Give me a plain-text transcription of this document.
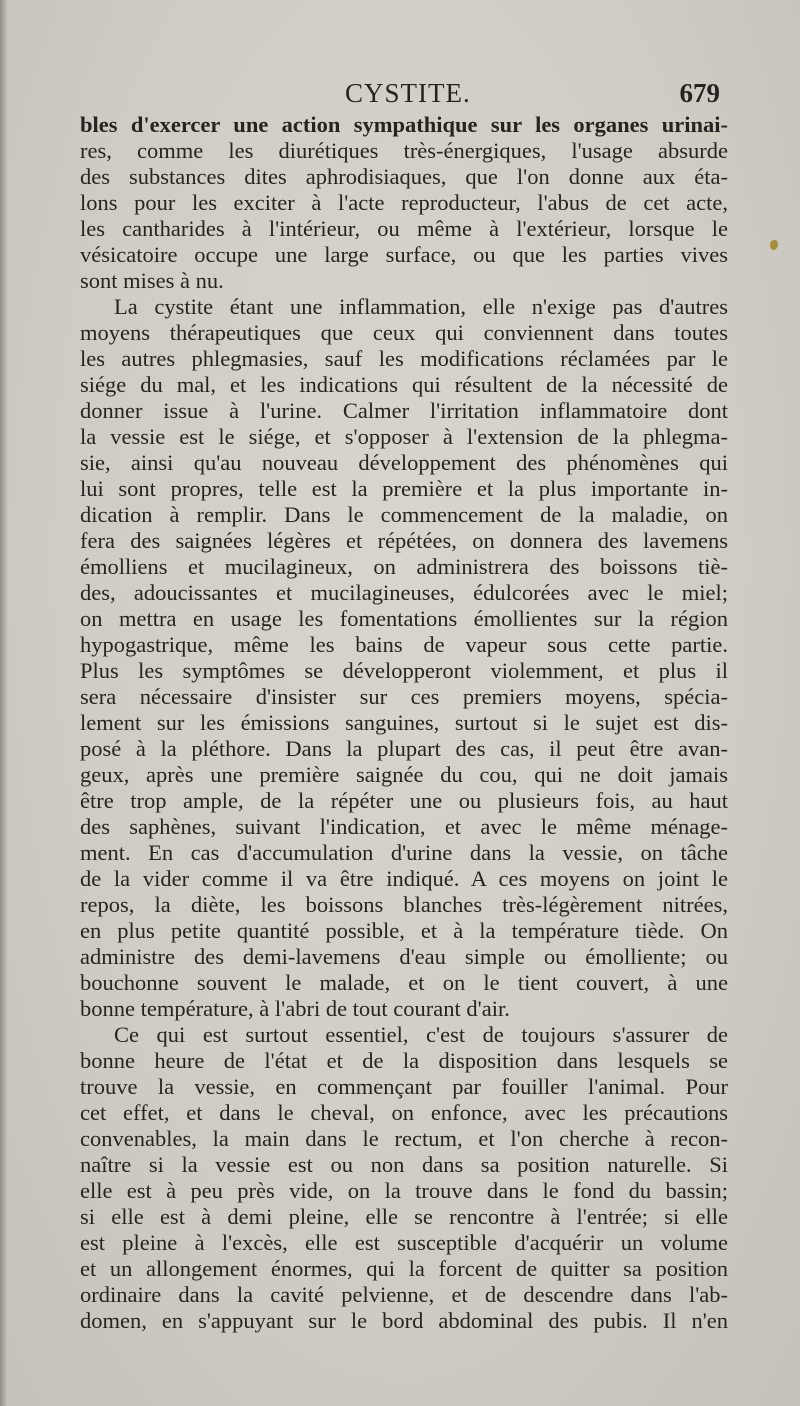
CYSTITE.	679
bles d'exercer une action sympathique sur les organes urinai-
res, comme les diurétiques très-énergiques, l'usage absurde
des substances dites aphrodisiaques, que l'on donne aux éta-
lons pour les exciter à l'acte reproducteur, l'abus de cet acte,
les cantharides à l'intérieur, ou même à l'extérieur, lorsque le
vésicatoire occupe une large surface, ou que les parties vives
sont mises à nu.
La cystite étant une inflammation, elle n'exige pas d'autres
moyens thérapeutiques que ceux qui conviennent dans toutes
les autres phlegmasies, sauf les modifications réclamées par le
siége du mal, et les indications qui résultent de la nécessité de
donner issue à l'urine. Calmer l'irritation inflammatoire dont
la vessie est le siége, et s'opposer à l'extension de la phlegma-
sie, ainsi qu'au nouveau développement des phénomènes qui
lui sont propres, telle est la première et la plus importante in-
dication à remplir. Dans le commencement de la maladie, on
fera des saignées légères et répétées, on donnera des lavemens
émolliens et mucilagineux, on administrera des boissons tiè-
des, adoucissantes et mucilagineuses, édulcorées avec le miel;
on mettra en usage les fomentations émollientes sur la région
hypogastrique, même les bains de vapeur sous cette partie.
Plus les symptômes se développeront violemment, et plus il
sera nécessaire d'insister sur ces premiers moyens, spécia-
lement sur les émissions sanguines, surtout si le sujet est dis-
posé à la pléthore. Dans la plupart des cas, il peut être avan-
geux, après une première saignée du cou, qui ne doit jamais
être trop ample, de la répéter une ou plusieurs fois, au haut
des saphènes, suivant l'indication, et avec le même ménage-
ment. En cas d'accumulation d'urine dans la vessie, on tâche
de la vider comme il va être indiqué. A ces moyens on joint le
repos, la diète, les boissons blanches très-légèrement nitrées,
en plus petite quantité possible, et à la température tiède. On
administre des demi-lavemens d'eau simple ou émolliente; ou
bouchonne souvent le malade, et on le tient couvert, à une
bonne température, à l'abri de tout courant d'air.
Ce qui est surtout essentiel, c'est de toujours s'assurer de
bonne heure de l'état et de la disposition dans lesquels se
trouve la vessie, en commençant par fouiller l'animal. Pour
cet effet, et dans le cheval, on enfonce, avec les précautions
convenables, la main dans le rectum, et l'on cherche à recon-
naître si la vessie est ou non dans sa position naturelle. Si
elle est à peu près vide, on la trouve dans le fond du bassin;
si elle est à demi pleine, elle se rencontre à l'entrée; si elle
est pleine à l'excès, elle est susceptible d'acquérir un volume
et un allongement énormes, qui la forcent de quitter sa position
ordinaire dans la cavité pelvienne, et de descendre dans l'ab-
domen, en s'appuyant sur le bord abdominal des pubis. Il n'en
